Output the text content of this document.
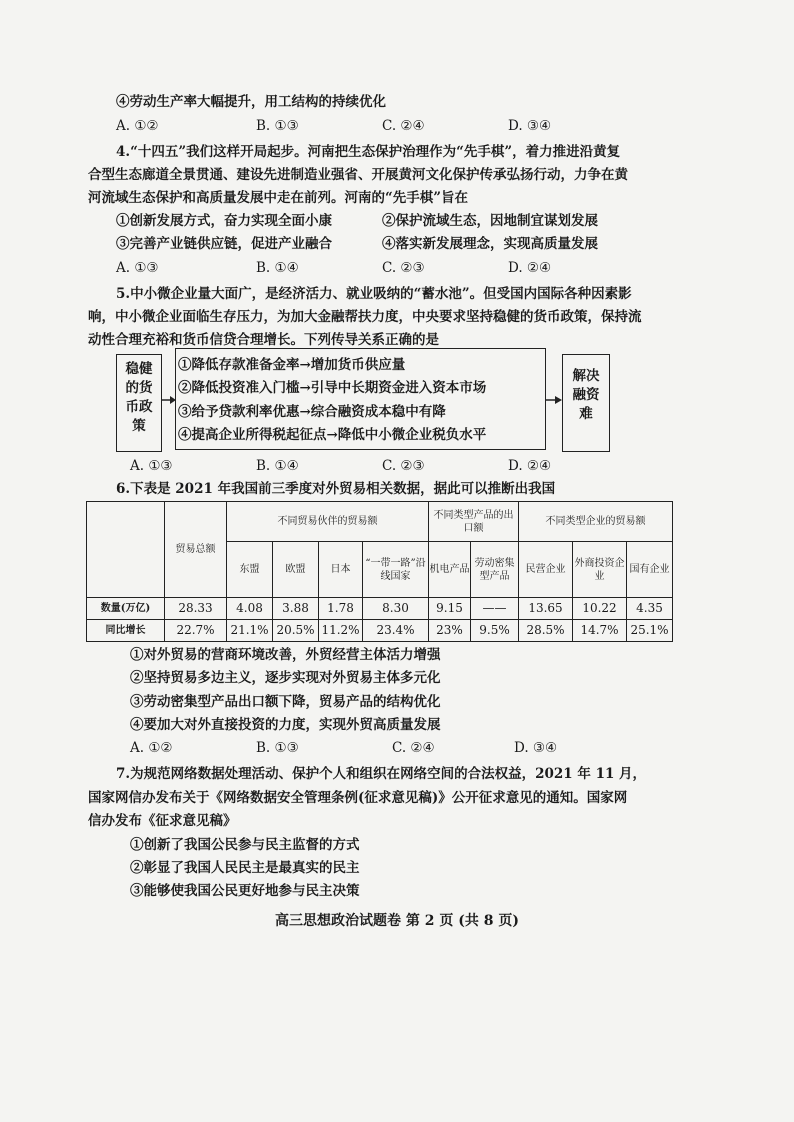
④劳动生产率大幅提升，用工结构的持续优化
A. ①②	B. ①③	C. ②④	D. ③④
4.“十四五”我们这样开局起步。河南把生态保护治理作为“先手棋”，着力推进沿黄复
合型生态廊道全景贯通、建设先进制造业强省、开展黄河文化保护传承弘扬行动，力争在黄
河流域生态保护和高质量发展中走在前列。河南的“先手棋”旨在
①创新发展方式，奋力实现全面小康	②保护流域生态，因地制宜谋划发展
③完善产业链供应链，促进产业融合	④落实新发展理念，实现高质量发展
A. ①③	B. ①④	C. ②③	D. ②④
5.中小微企业量大面广，是经济活力、就业吸纳的“蓄水池”。但受国内国际各种因素影
响，中小微企业面临生存压力，为加大金融帮扶力度，中央要求坚持稳健的货币政策，保持流
动性合理充裕和货币信贷合理增长。下列传导关系正确的是
稳健的货币政策
①降低存款准备金率→增加货币供应量
②降低投资准入门槛→引导中长期资金进入资本市场
③给予贷款利率优惠→综合融资成本稳中有降
④提高企业所得税起征点→降低中小微企业税负水平
解决融资难
A. ①③	B. ①④	C. ②③	D. ②④
6.下表是 2021 年我国前三季度对外贸易相关数据，据此可以推断出我国
	贸易总额	不同贸易伙伴的贸易额				不同类型产品的出口额		不同类型企业的贸易额		
		东盟	欧盟	日本	“一带一路”沿线国家	机电产品	劳动密集型产品	民营企业	外商投资企业	国有企业
数量(万亿)	28.33	4.08	3.88	1.78	8.30	9.15	——	13.65	10.22	4.35
同比增长	22.7%	21.1%	20.5%	11.2%	23.4%	23%	9.5%	28.5%	14.7%	25.1%
①对外贸易的营商环境改善，外贸经营主体活力增强
②坚持贸易多边主义，逐步实现对外贸易主体多元化
③劳动密集型产品出口额下降，贸易产品的结构优化
④要加大对外直接投资的力度，实现外贸高质量发展
A. ①②	B. ①③	C. ②④	D. ③④
7.为规范网络数据处理活动、保护个人和组织在网络空间的合法权益，2021 年 11 月，
国家网信办发布关于《网络数据安全管理条例(征求意见稿)》公开征求意见的通知。国家网
信办发布《征求意见稿》
①创新了我国公民参与民主监督的方式
②彰显了我国人民民主是最真实的民主
③能够使我国公民更好地参与民主决策
高三思想政治试题卷 第 2 页 (共 8 页)
